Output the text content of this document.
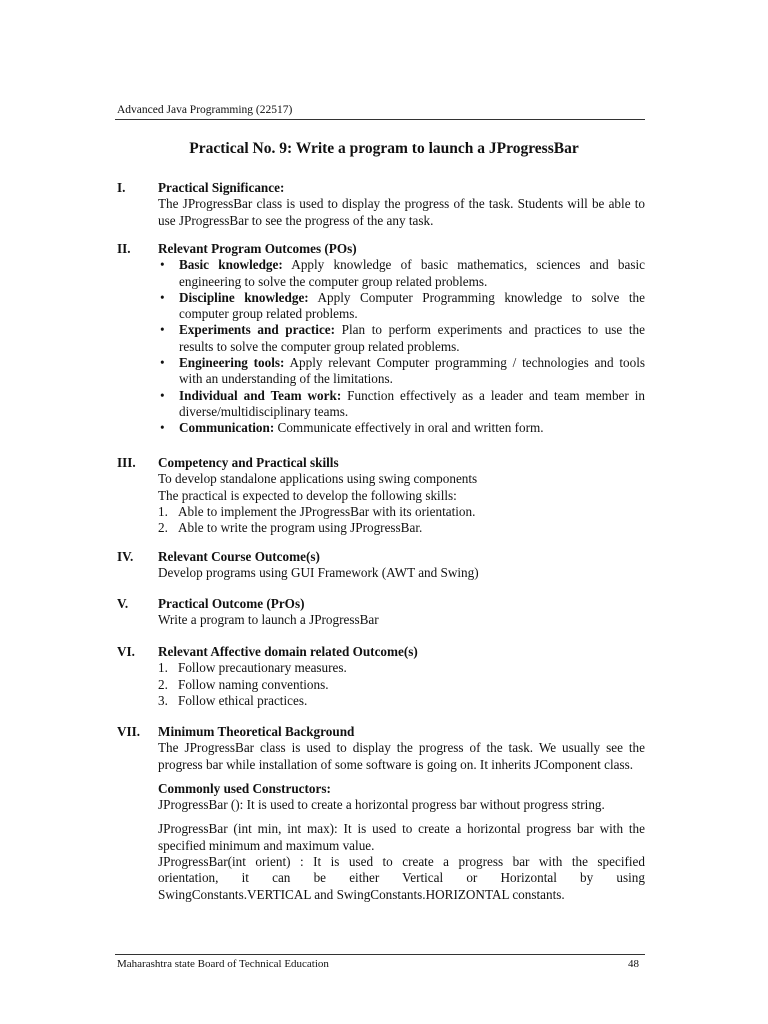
Advanced Java Programming (22517)
Practical No. 9: Write a program to launch a JProgressBar
I. Practical Significance:
The JProgressBar class is used to display the progress of the task. Students will be able to use JProgressBar to see the progress of the any task.
II. Relevant Program Outcomes (POs)
• Basic knowledge: Apply knowledge of basic mathematics, sciences and basic engineering to solve the computer group related problems.
• Discipline knowledge: Apply Computer Programming knowledge to solve the computer group related problems.
• Experiments and practice: Plan to perform experiments and practices to use the results to solve the computer group related problems.
• Engineering tools: Apply relevant Computer programming / technologies and tools with an understanding of the limitations.
• Individual and Team work: Function effectively as a leader and team member in diverse/multidisciplinary teams.
• Communication: Communicate effectively in oral and written form.
III. Competency and Practical skills
To develop standalone applications using swing components
The practical is expected to develop the following skills:
1. Able to implement the JProgressBar with its orientation.
2. Able to write the program using JProgressBar.
IV. Relevant Course Outcome(s)
Develop programs using GUI Framework (AWT and Swing)
V. Practical Outcome (PrOs)
Write a program to launch a JProgressBar
VI. Relevant Affective domain related Outcome(s)
1. Follow precautionary measures.
2. Follow naming conventions.
3. Follow ethical practices.
VII. Minimum Theoretical Background
The JProgressBar class is used to display the progress of the task. We usually see the progress bar while installation of some software is going on. It inherits JComponent class.
Commonly used Constructors:
JProgressBar (): It is used to create a horizontal progress bar without progress string.
JProgressBar (int min, int max): It is used to create a horizontal progress bar with the specified minimum and maximum value.
JProgressBar(int orient) : It is used to create a progress bar with the specified
orientation, it can be either Vertical or Horizontal by using
SwingConstants.VERTICAL and SwingConstants.HORIZONTAL constants.
Maharashtra state Board of Technical Education	48
